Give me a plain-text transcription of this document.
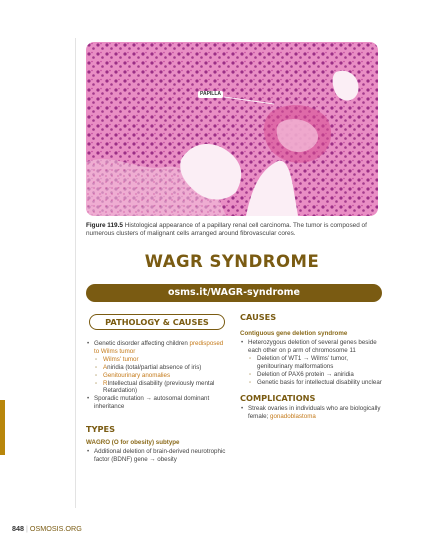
PAPILLA
Figure 119.5 Histological appearance of a papillary renal cell carcinoma. The tumor is composed of numerous clusters of malignant cells arranged around fibrovascular cores.
WAGR SYNDROME
osms.it/WAGR-syndrome
PATHOLOGY & CAUSES
• Genetic disorder affecting children predisposed to Wilms tumor
◦ Wilms' tumor
◦ Aniridia (total/partial absence of iris)
◦ Genitourinary anomalies
◦ RIntellectual disability (previously mental Retardation)
• Sporadic mutation → autosomal dominant inheritance
TYPES
WAGRO (O for obesity) subtype
• Additional deletion of brain-derived neurotrophic factor (BDNF) gene → obesity
CAUSES
Contiguous gene deletion syndrome
• Heterozygous deletion of several genes beside each other on p arm of chromosome 11
◦ Deletion of WT1 → Wilms' tumor, genitourinary malformations
◦ Deletion of PAX6 protein → aniridia
◦ Genetic basis for intellectual disability unclear
COMPLICATIONS
• Streak ovaries in individuals who are biologically female; gonadoblastoma
848 | OSMOSIS.ORG
